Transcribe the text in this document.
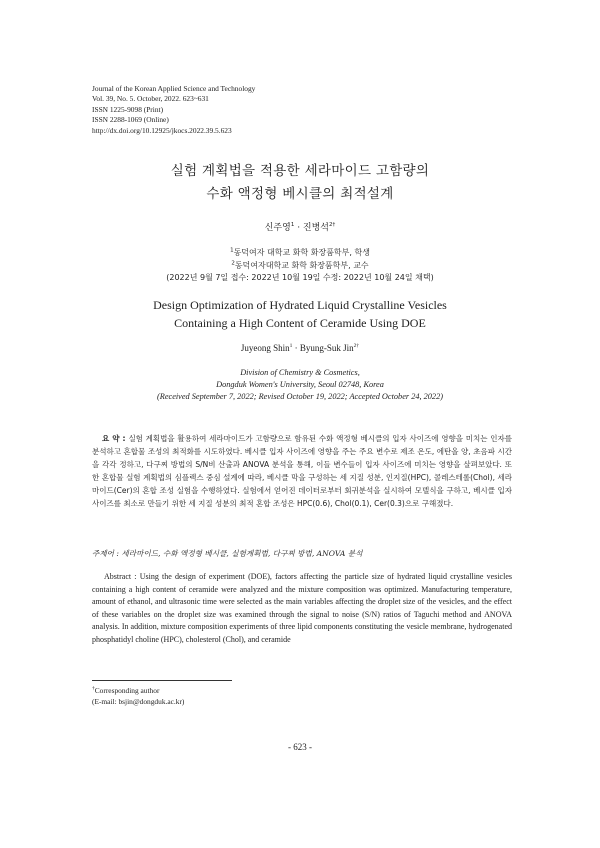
Journal of the Korean Applied Science and Technology
Vol. 39, No. 5. October, 2022. 623~631
ISSN 1225-9098 (Print)
ISSN 2288-1069 (Online)
http://dx.doi.org/10.12925/jkocs.2022.39.5.623
실험 계획법을 적용한 세라마이드 고함량의
수화 액정형 베시클의 최적설계
신주영$^1$ · 진병석$^{2\dagger}$
$^1$동덕여자 대학교 화학 화장품학부, 학생
$^2$동덕여자대학교 화학 화장품학부, 교수
(2022년 9월 7일 접수: 2022년 10월 19일 수정: 2022년 10월 24일 채택)
Design Optimization of Hydrated Liquid Crystalline Vesicles
Containing a High Content of Ceramide Using DOE
Juyeong Shin$^1$ · Byung-Suk Jin$^{2\dagger}$
Division of Chemistry & Cosmetics,
Dongduk Women's University, Seoul 02748, Korea
(Received September 7, 2022; Revised October 19, 2022; Accepted October 24, 2022)
요 약 : 실험 계획법을 활용하여 세라마이드가 고함량으로 함유된 수화 액정형 베시클의 입자 사이즈에 영향을 미치는 인자를 분석하고 혼합물 조성의 최적화를 시도하였다. 베시클 입자 사이즈에 영향을 주는 주요 변수로 제조 온도, 에탄올 양, 초음파 시간을 각각 정하고, 다구찌 방법의 S/N비 산출과 ANOVA 분석을 통해, 이들 변수들이 입자 사이즈에 미치는 영향을 살펴보았다. 또한 혼합물 실험 계획법의 심플렉스 중심 설계에 따라, 베시클 막을 구성하는 세 지질 성분, 인지질(HPC), 콜레스테롤(Chol), 세라마이드(Cer)의 혼합 조성 실험을 수행하였다. 실험에서 얻어진 데이터로부터 회귀분석을 실시하여 모델식을 구하고, 베시클 입자 사이즈를 최소로 만들기 위한 세 지질 성분의 최적 혼합 조성은 HPC(0.6), Chol(0.1), Cer(0.3)으로 구해졌다.
주제어 : 세라마이드, 수화 액정형 베시클, 실험계획법, 다구찌 방법, ANOVA 분석
Abstract : Using the design of experiment (DOE), factors affecting the particle size of hydrated liquid crystalline vesicles containing a high content of ceramide were analyzed and the mixture composition was optimized. Manufacturing temperature, amount of ethanol, and ultrasonic time were selected as the main variables affecting the droplet size of the vesicles, and the effect of these variables on the droplet size was examined through the signal to noise (S/N) ratios of Taguchi method and ANOVA analysis. In addition, mixture composition experiments of three lipid components constituting the vesicle membrane, hydrogenated phosphatidyl choline (HPC), cholesterol (Chol), and ceramide
†Corresponding author
(E-mail: bsjin@dongduk.ac.kr)
- 623 -
